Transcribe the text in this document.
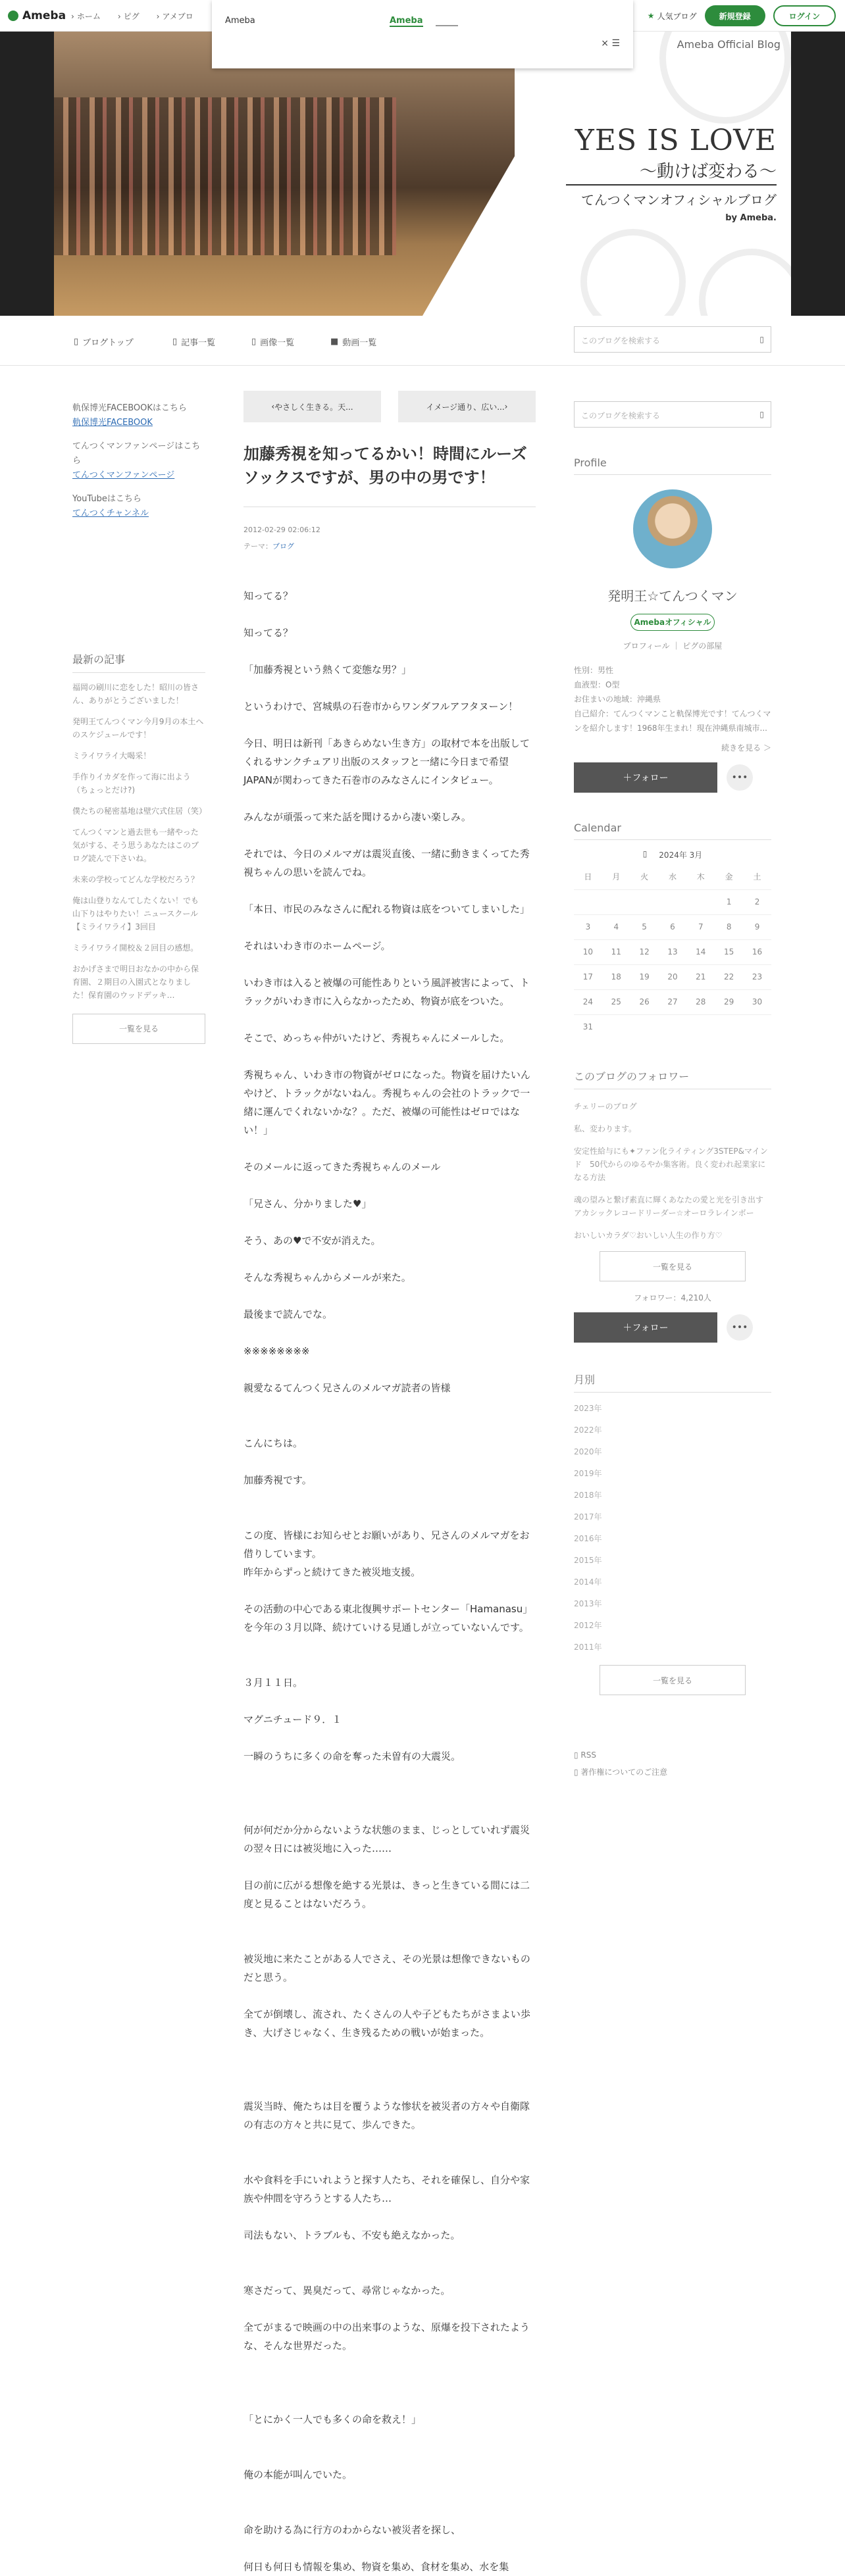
Ameba › ホーム › ピグ › アメブロ	★ 人気ブログ	新規登録	ログイン
Ameba	Ameba
× ☰	Ameba Official Blog
YES IS LOVE
〜動けば変わる〜
てんつくマンオフィシャルブログ
by Ameba.
▯ ブログトップ	▯ 記事一覧	▯ 画像一覧	■ 動画一覧	このブログを検索する	▯
軌保博光FACEBOOKはこちら
軌保博光FACEBOOK
てんつくマンファンページはこちら
てんつくマンファンページ
YouTubeはこちら
てんつくチャンネル
最新の記事
福岡の刷川に恋をした！昭川の皆さん、ありがとうございました！
発明王てんつくマン今月9月の本土へのスケジュールです！
ミライワライ大喝采！
手作りイカダを作って海に出よう（ちょっとだけ?)
僕たちの秘密基地は壁穴式住居（笑）
てんつくマンと過去世も一緒やった気がする、そう思うあなたはこのブログ読んで下さいね。
未来の学校ってどんな学校だろう？
俺は山登りなんてしたくない！でも山下りはやりたい！ニュースクール【ミライワライ】3回目
ミライワライ開校＆２回目の感想。
おかげさまで明日おなかの中から保育園、２期目の入園式となりました！保育園のウッドデッキ…
一覧を見る
‹ やさしく生きる。天...	イメージ通り、広い... ›
加藤秀視を知ってるかい！時間にルーズソックスですが、男の中の男です！
2012-02-29 02:06:12
テーマ：ブログ

知ってる？

知ってる？

「加藤秀視という熱くて変態な男？」

というわけで、宮城県の石巻市からワンダフルアフタヌーン！

今日、明日は新刊「あきらめない生き方」の取材で本を出版してくれるサンクチュアリ出版のスタッフと一緒に今日まで希望JAPANが関わってきた石巻市のみなさんにインタビュー。

みんなが頑張って来た話を聞けるから凄い楽しみ。

それでは、今日のメルマガは震災直後、一緒に動きまくってた秀視ちゃんの思いを読んでね。

「本日、市民のみなさんに配れる物資は底をついてしまいした」

それはいわき市のホームページ。

いわき市は入ると被爆の可能性ありという風評被害によって、トラックがいわき市に入らなかったため、物資が底をついた。

そこで、めっちゃ仲がいたけど、秀視ちゃんにメールした。

秀視ちゃん、いわき市の物資がゼロになった。物資を届けたいんやけど、トラックがないねん。秀視ちゃんの会社のトラックで一緒に運んでくれないかな？。ただ、被爆の可能性はゼロではない！」

そのメールに返ってきた秀視ちゃんのメール

「兄さん、分かりました♥」

そう、あの♥で不安が消えた。

そんな秀視ちゃんからメールが来た。

最後まで読んでな。

※※※※※※※※

親愛なるてんつく兄さんのメルマガ読者の皆様

こんにちは。

加藤秀視です。

この度、皆様にお知らせとお願いがあり、兄さんのメルマガをお借りしています。

昨年からずっと続けてきた被災地支援。

その活動の中心である東北復興サポートセンター「Hamanasu」を今年の３月以降、続けていける見通しが立っていないんです。

３月１１日。

マグニチュード９．１

一瞬のうちに多くの命を奪った未曽有の大震災。

何が何だか分からないような状態のまま、じっとしていれず震災の翌々日には被災地に入った……

目の前に広がる想像を絶する光景は、きっと生きている間には二度と見ることはないだろう。

被災地に来たことがある人でさえ、その光景は想像できないものだと思う。

全てが倒壊し、流され、たくさんの人や子どもたちがさまよい歩き、大げさじゃなく、生き残るための戦いが始まった。

震災当時、俺たちは目を覆うような惨状を被災者の方々や自衛隊の有志の方々と共に見て、歩んできた。

水や食料を手にいれようと探す人たち、それを確保し、自分や家族や仲間を守ろうとする人たち…

司法もない、トラブルも、不安も絶えなかった。

寒さだって、異臭だって、尋常じゃなかった。

全てがまるで映画の中の出来事のような、原爆を投下されたような、そんな世界だった。

「とにかく一人でも多くの命を救え！」

俺の本能が叫んでいた。

命を助ける為に行方のわからない被災者を探し、

何日も何日も情報を集め、物資を集め、食材を集め、水を集

このブログを検索する	▯
Profile
発明王☆てんつくマン
Amebaオフィシャル
プロフィール ｜ ピグの部屋
性別：男性
血液型：O型
お住まいの地域：沖縄県
自己紹介：てんつくマンこと軌保博光です！てんつくマンを紹介します！1968年生まれ！現在沖縄県南城市...
続きを見る ＞
＋フォロー	•••
Calendar
▯ 2024年 3月
日	月	火	水	木	金	土
					1	2
3	4	5	6	7	8	9
10	11	12	13	14	15	16
17	18	19	20	21	22	23
24	25	26	27	28	29	30
31						
このブログのフォロワー
チェリーのブログ
私、変わります。
安定性給与にも✦ファン化ライティング3STEP&マインド　50代からのゆるやか集客術。良く変われ起業家になる方法
魂の望みと繋げ素直に輝くあなたの愛と光を引き出すアカシックレコードリーダー☆オーロラレインボー
おいしいカラダ♡おいしい人生の作り方♡
一覧を見る
フォロワー：4,210人
＋フォロー	•••
月別
2023年
2022年
2020年
2019年
2018年
2017年
2016年
2015年
2014年
2013年
2012年
2011年
一覧を見る
▯ RSS
▯ 著作権についてのご注意
